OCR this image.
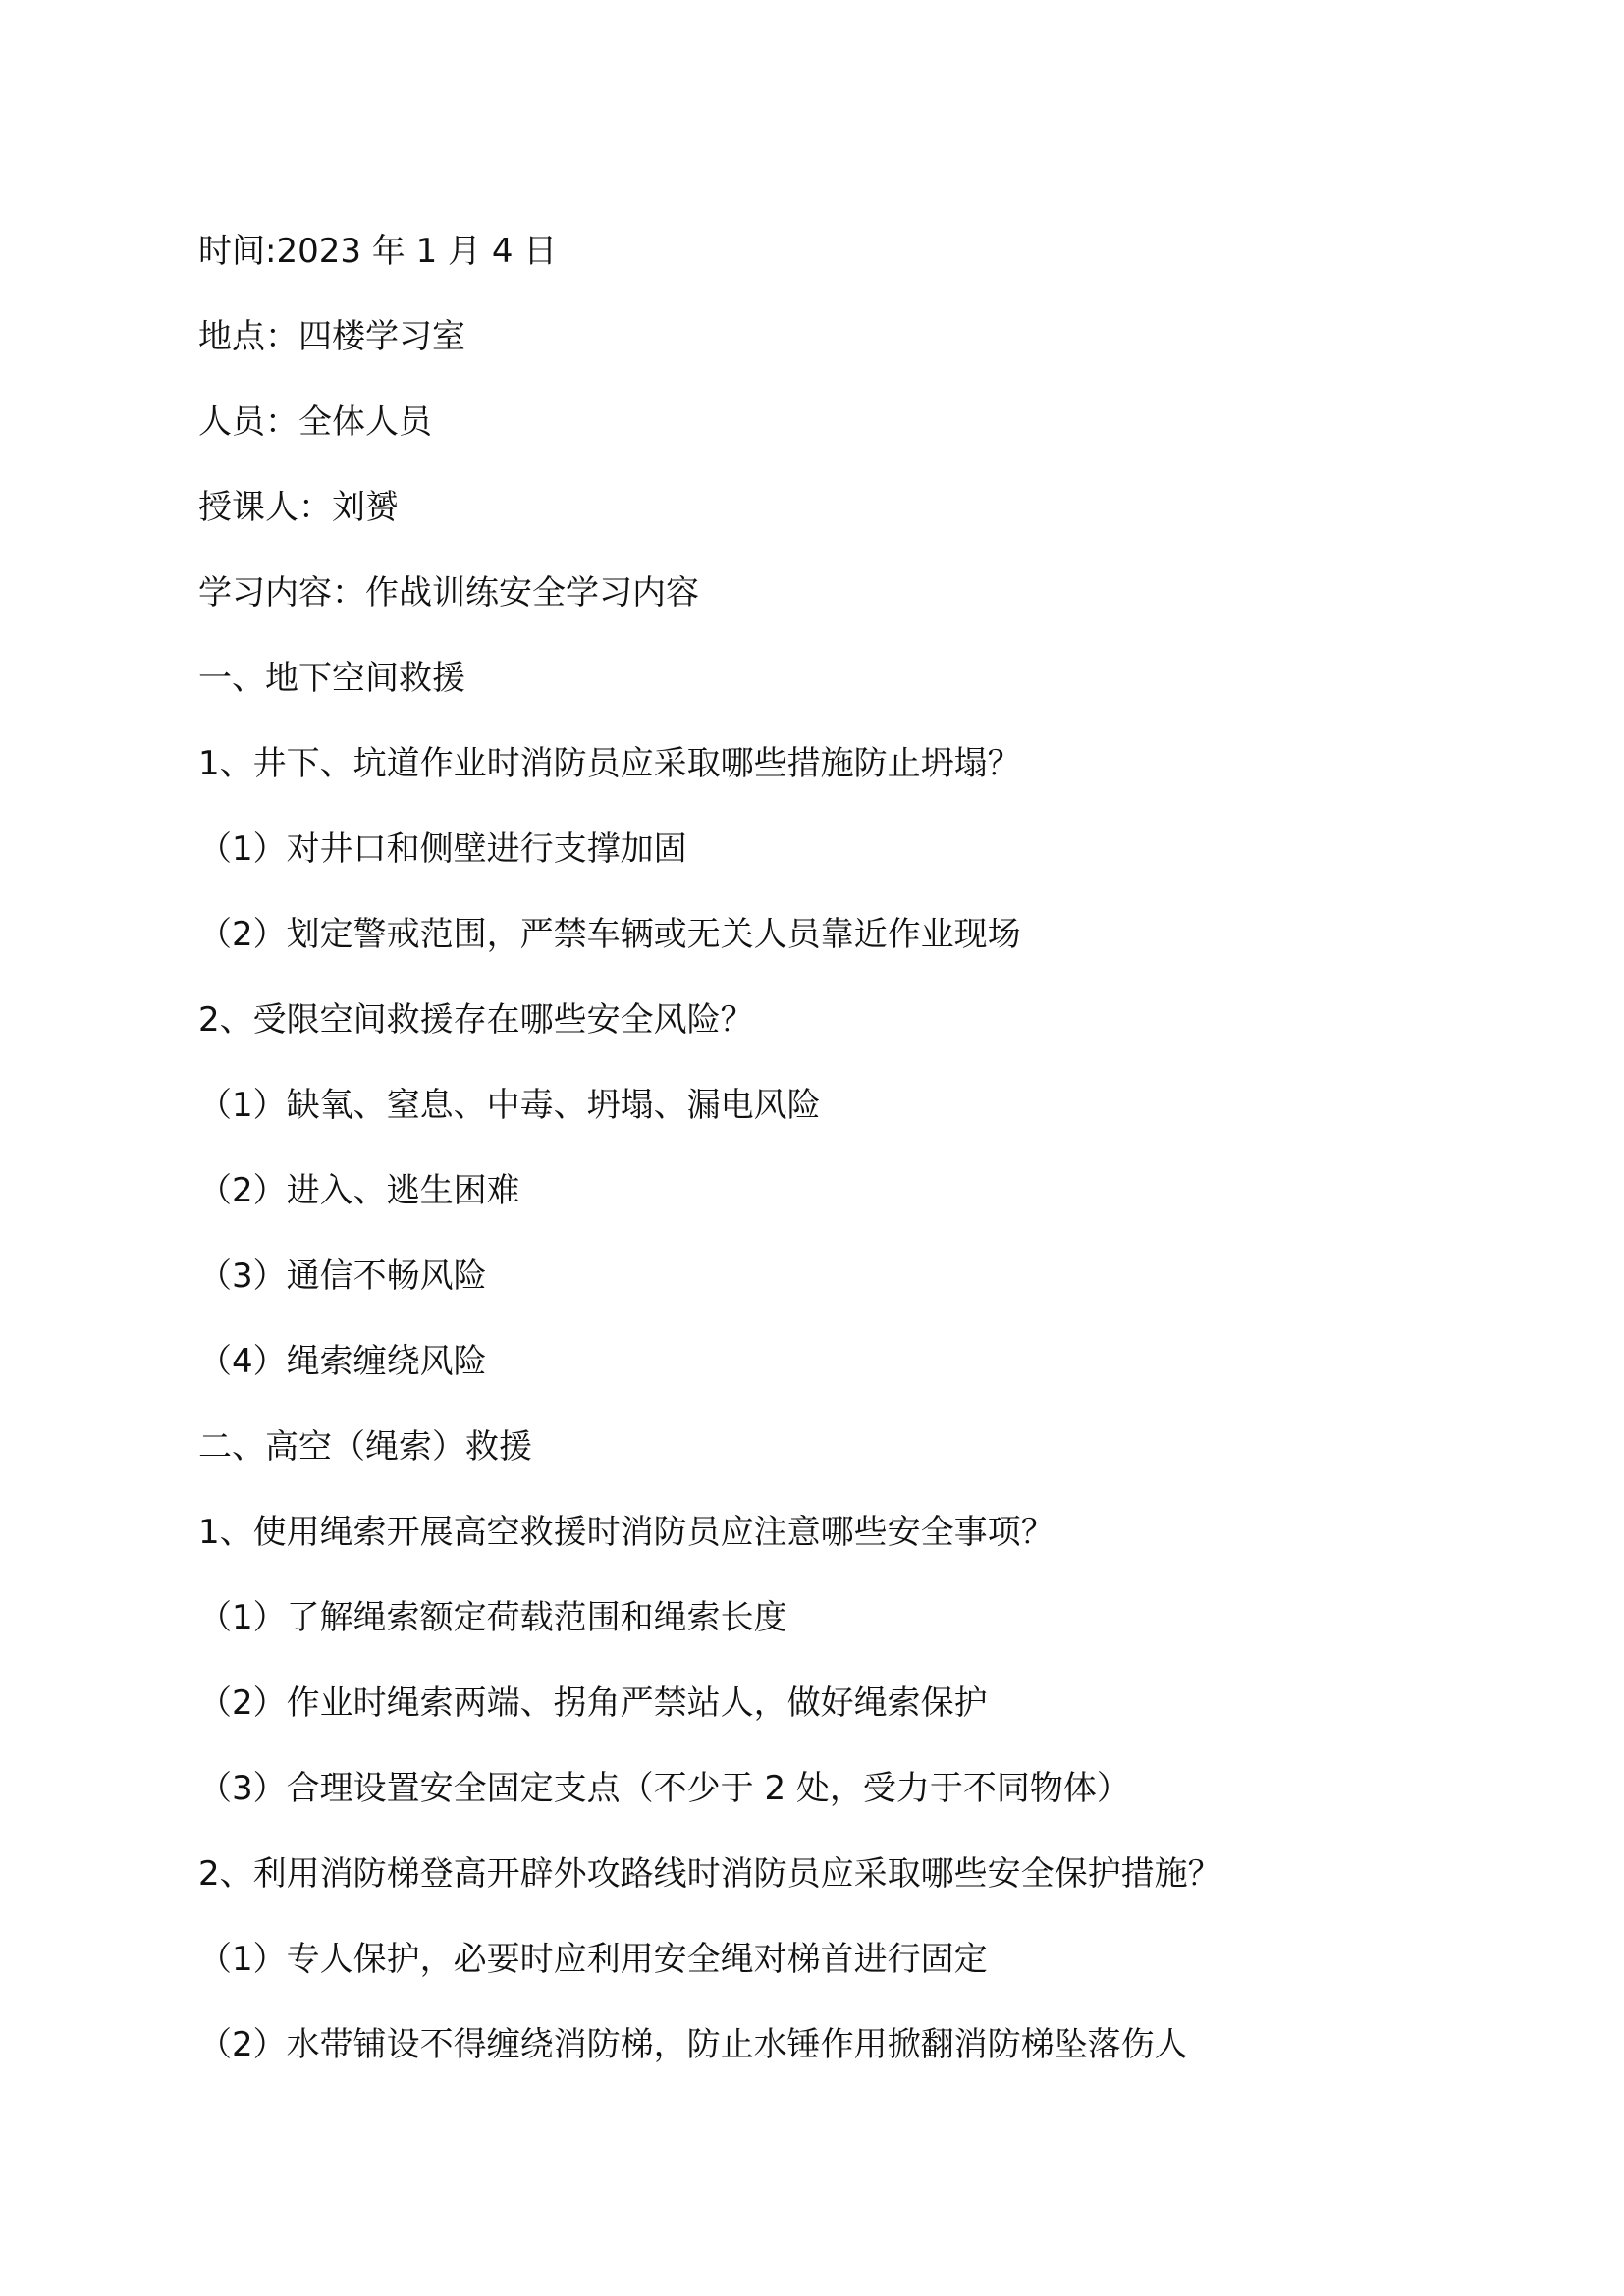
时间:2023 年 1 月 4 日
地点：四楼学习室
人员：全体人员
授课人：刘赟
学习内容：作战训练安全学习内容
一、地下空间救援
1、井下、坑道作业时消防员应采取哪些措施防止坍塌？
（1）对井口和侧壁进行支撑加固
（2）划定警戒范围，严禁车辆或无关人员靠近作业现场
2、受限空间救援存在哪些安全风险？
（1）缺氧、窒息、中毒、坍塌、漏电风险
（2）进入、逃生困难
（3）通信不畅风险
（4）绳索缠绕风险
二、高空（绳索）救援
1、使用绳索开展高空救援时消防员应注意哪些安全事项？
（1）了解绳索额定荷载范围和绳索长度
（2）作业时绳索两端、拐角严禁站人，做好绳索保护
（3）合理设置安全固定支点（不少于 2 处，受力于不同物体）
2、利用消防梯登高开辟外攻路线时消防员应采取哪些安全保护措施？
（1）专人保护，必要时应利用安全绳对梯首进行固定
（2）水带铺设不得缠绕消防梯，防止水锤作用掀翻消防梯坠落伤人
